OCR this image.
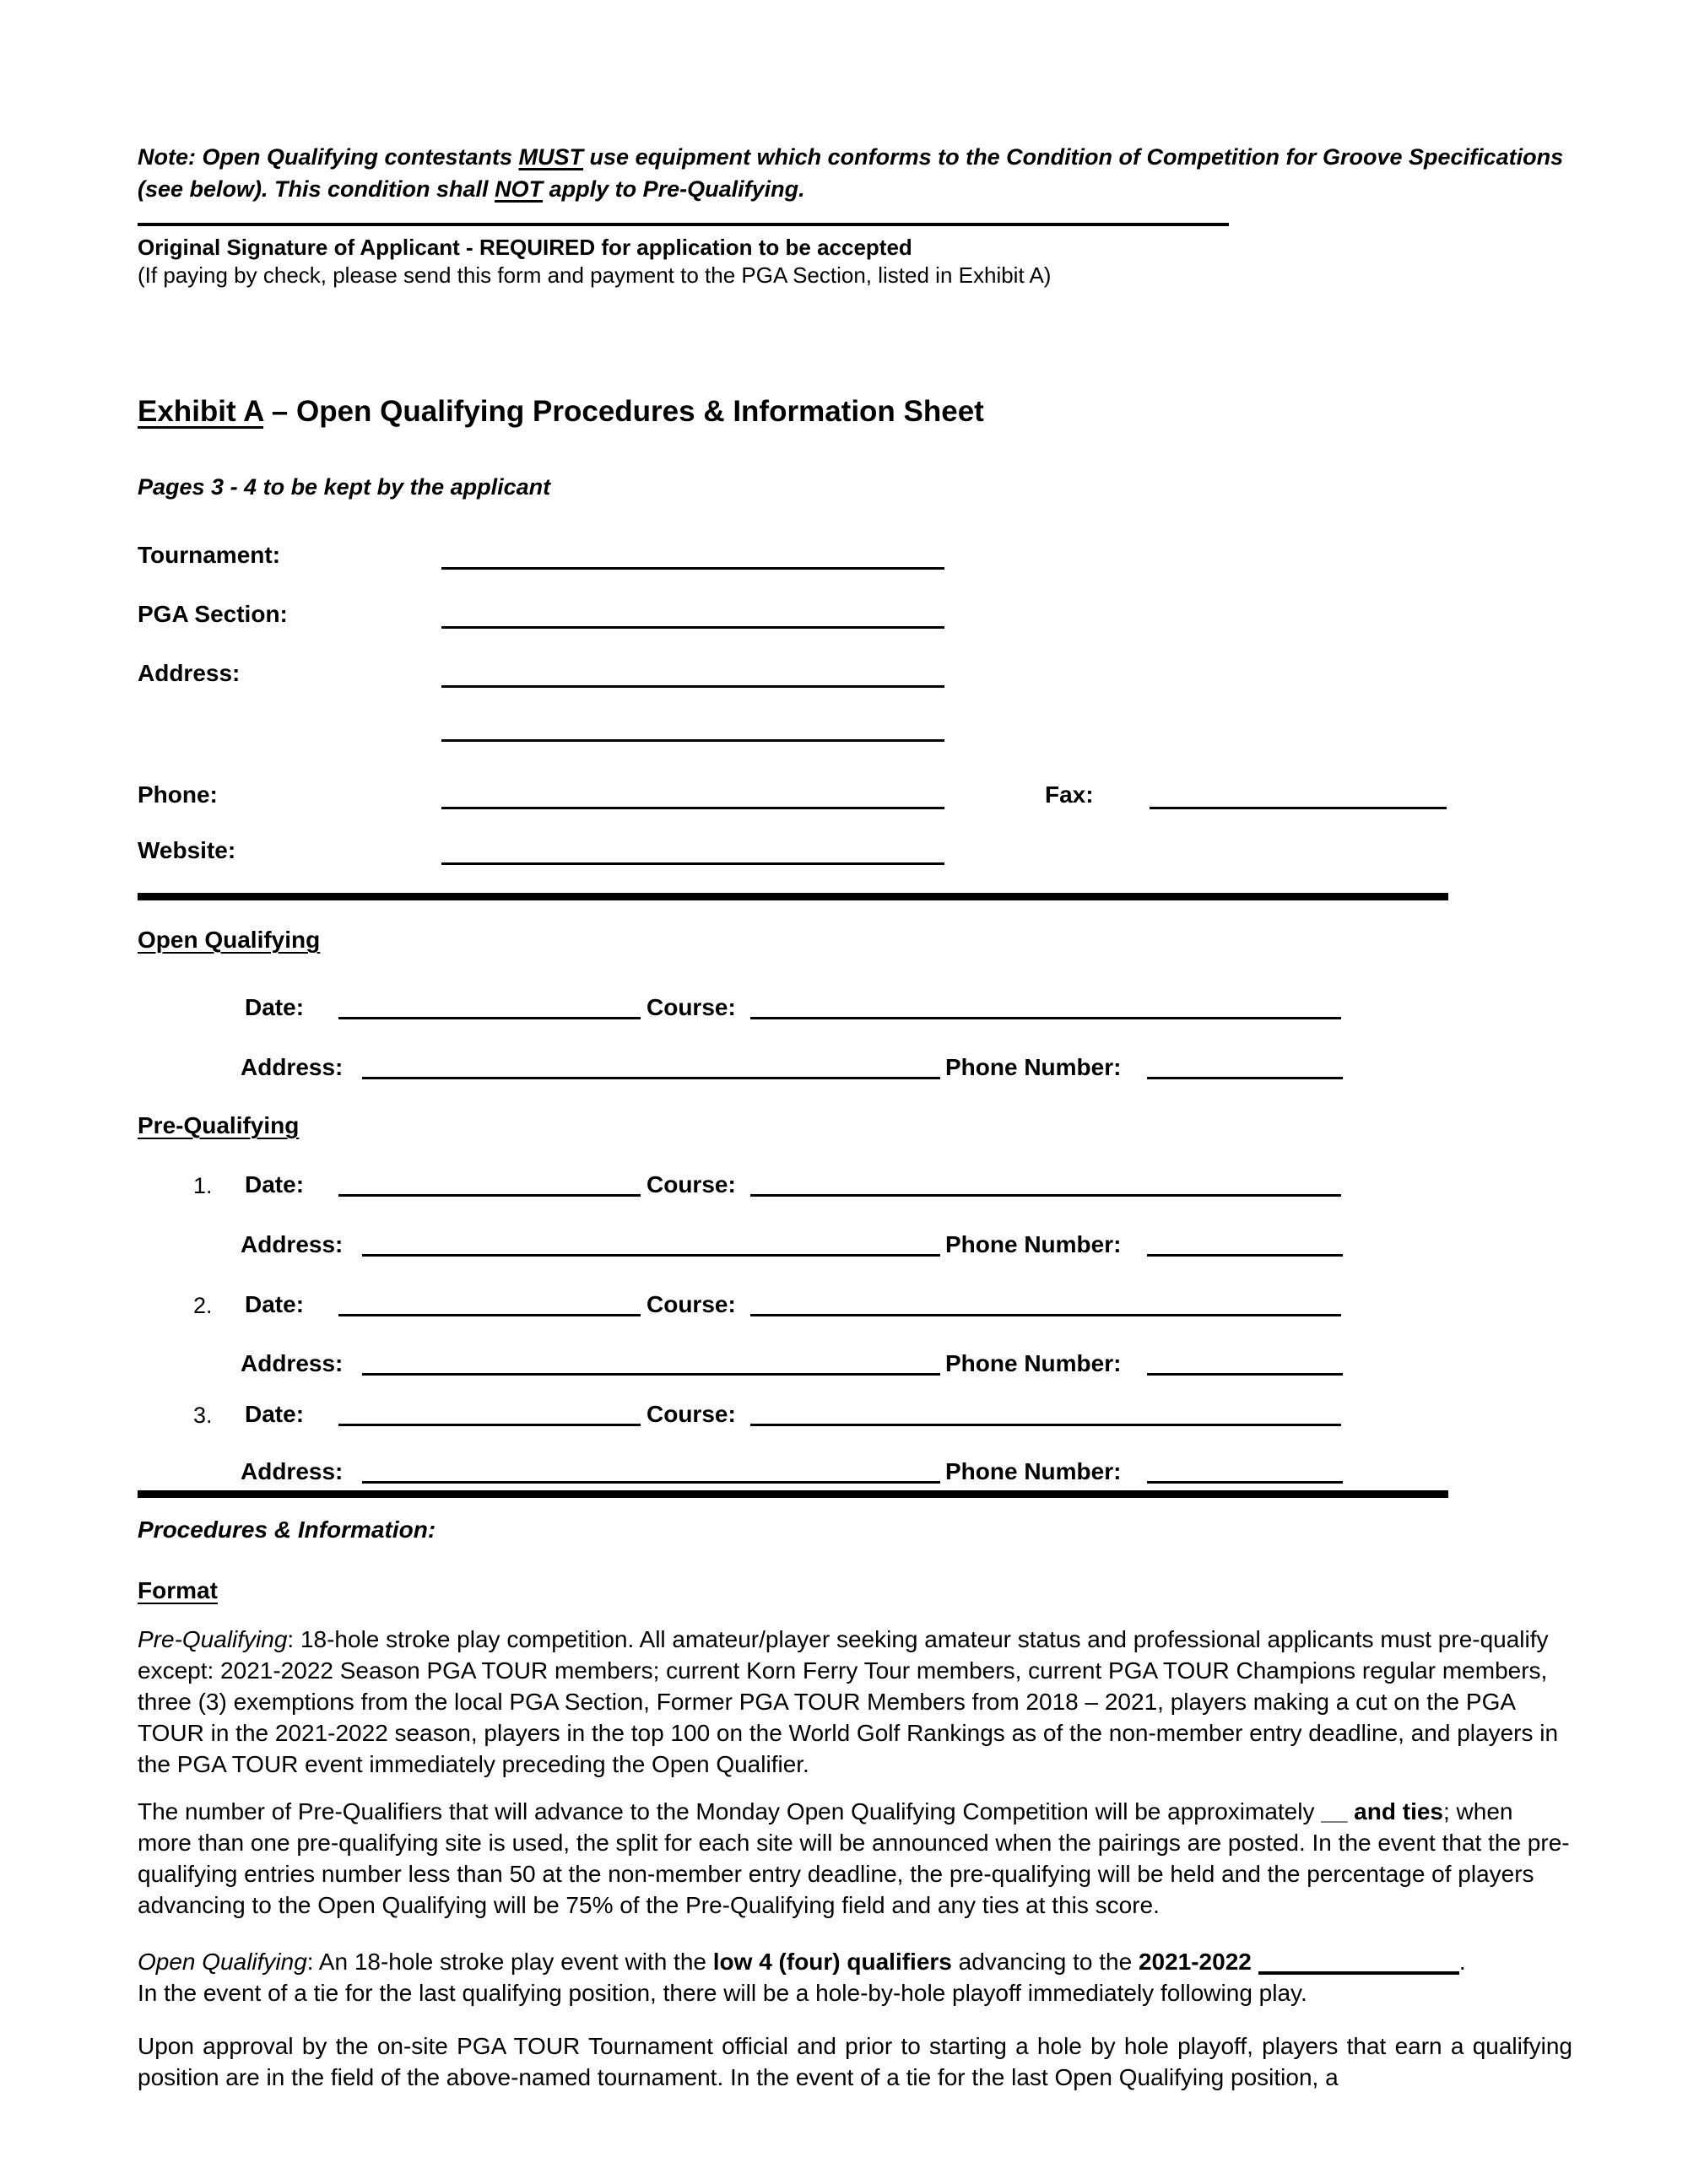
Note: Open Qualifying contestants MUST use equipment which conforms to the Condition of Competition for Groove Specifications (see below). This condition shall NOT apply to Pre-Qualifying.

Original Signature of Applicant - REQUIRED for application to be accepted
(If paying by check, please send this form and payment to the PGA Section, listed in Exhibit A)
Exhibit A – Open Qualifying Procedures & Information Sheet
Pages 3 - 4 to be kept by the applicant
Tournament:
PGA Section:
Address:
Phone:	Fax:
Website:
Open Qualifying
Date:	Course:
Address:	Phone Number:
Pre-Qualifying
1. Date:	Course:
Address:	Phone Number:
2. Date:	Course:
Address:	Phone Number:
3. Date:	Course:
Address:	Phone Number:
Procedures & Information:
Format

Pre-Qualifying: 18-hole stroke play competition. All amateur/player seeking amateur status and professional applicants must pre-qualify except: 2021-2022 Season PGA TOUR members; current Korn Ferry Tour members, current PGA TOUR Champions regular members, three (3) exemptions from the local PGA Section, Former PGA TOUR Members from 2018 – 2021, players making a cut on the PGA TOUR in the 2021-2022 season, players in the top 100 on the World Golf Rankings as of the non-member entry deadline, and players in the PGA TOUR event immediately preceding the Open Qualifier.

The number of Pre-Qualifiers that will advance to the Monday Open Qualifying Competition will be approximately __ and ties; when more than one pre-qualifying site is used, the split for each site will be announced when the pairings are posted. In the event that the pre-qualifying entries number less than 50 at the non-member entry deadline, the pre-qualifying will be held and the percentage of players advancing to the Open Qualifying will be 75% of the Pre-Qualifying field and any ties at this score.

Open Qualifying: An 18-hole stroke play event with the low 4 (four) qualifiers advancing to the 2021-2022	.
In the event of a tie for the last qualifying position, there will be a hole-by-hole playoff immediately following play.

Upon approval by the on-site PGA TOUR Tournament official and prior to starting a hole by hole playoff, players that earn a qualifying position are in the field of the above-named tournament. In the event of a tie for the last Open Qualifying position, a
